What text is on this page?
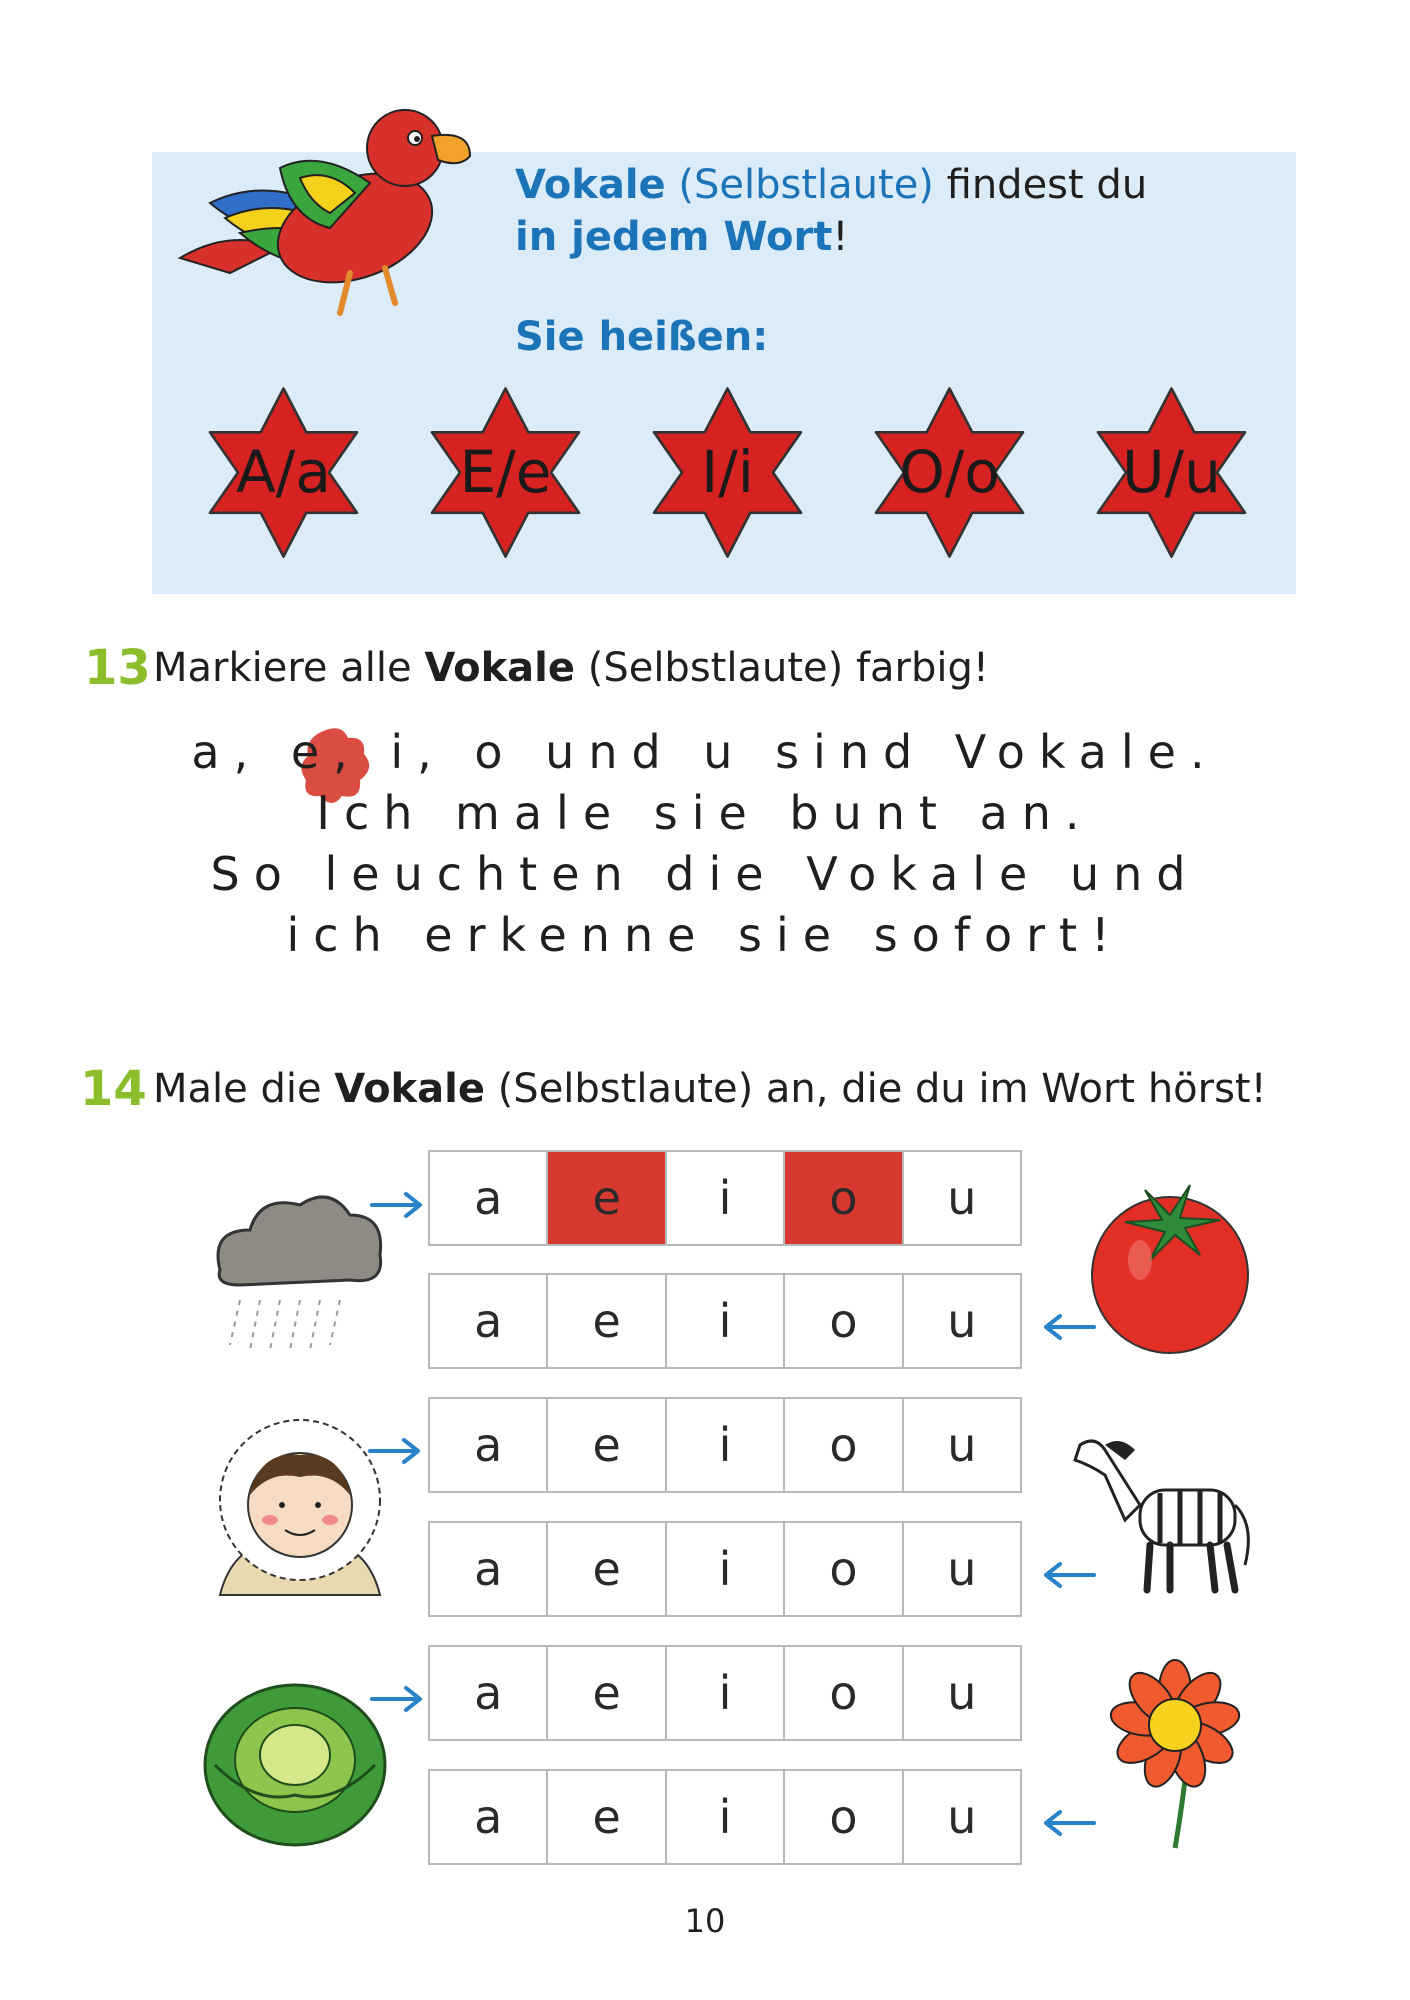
Vokale (Selbstlaute) findest du
in jedem Wort!
Sie heißen:
A/a	E/e	I/i	O/o	U/u
13 Markiere alle Vokale (Selbstlaute) farbig!
a, e, i, o und u sind Vokale.
Ich male sie bunt an.
So leuchten die Vokale und
ich erkenne sie sofort!
14 Male die Vokale (Selbstlaute) an, die du im Wort hörst!
a	e	i	o	u
a	e	i	o	u
a	e	i	o	u
a	e	i	o	u
a	e	i	o	u
a	e	i	o	u
10
